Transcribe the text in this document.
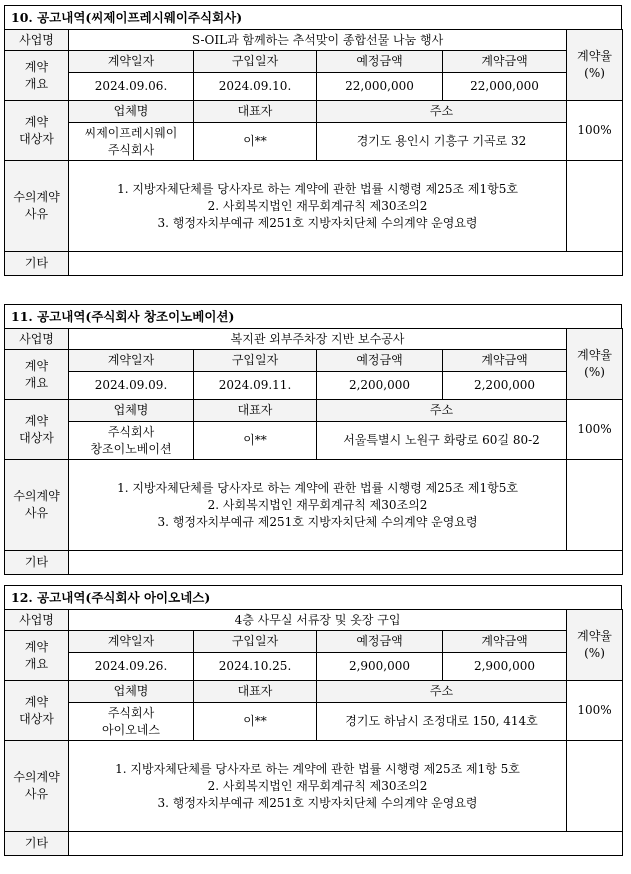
10. 공고내역(씨제이프레시웨이주식회사)
사업명	S-OIL과 함께하는 추석맞이 종합선물 나눔 행사				계약율
(%)
계약
개요	계약일자	구입일자	예정금액	계약금액	
	2024.09.06.	2024.09.10.	22,000,000	22,000,000	
계약
대상자	업체명	대표자	주소		100%
	씨제이프레시웨이
주식회사	이**	경기도 용인시 기흥구 기곡로 32		
수의계약
사유	1. 지방자체단체를 당사자로 하는 계약에 관한 법률 시행령 제25조 제1항5호
2. 사회복지법인 재무회계규칙 제30조의2
3. 행정자치부예규 제251호 지방자치단체 수의계약 운영요령				

기타					
11. 공고내역(주식회사 창조이노베이션)
사업명	복지관 외부주차장 지반 보수공사				계약율
(%)
계약
개요	계약일자	구입일자	예정금액	계약금액	
	2024.09.09.	2024.09.11.	2,200,000	2,200,000	
계약
대상자	업체명	대표자	주소		100%
	주식회사
창조이노베이션	이**	서울특별시 노원구 화랑로 60길 80-2		
수의계약
사유	1. 지방자체단체를 당사자로 하는 계약에 관한 법률 시행령 제25조 제1항5호
2. 사회복지법인 재무회계규칙 제30조의2
3. 행정자치부예규 제251호 지방자치단체 수의계약 운영요령				

기타					
12. 공고내역(주식회사 아이오네스)
사업명	4층 사무실 서류장 및 옷장 구입				계약율
(%)
계약
개요	계약일자	구입일자	예정금액	계약금액	
	2024.09.26.	2024.10.25.	2,900,000	2,900,000	
계약
대상자	업체명	대표자	주소		100%
	주식회사
아이오네스	이**	경기도 하남시 조정대로 150, 414호		
수의계약
사유	1. 지방자체단체를 당사자로 하는 계약에 관한 법률 시행령 제25조 제1항 5호
2. 사회복지법인 재무회계규칙 제30조의2
3. 행정자치부예규 제251호 지방자치단체 수의계약 운영요령				

기타					
